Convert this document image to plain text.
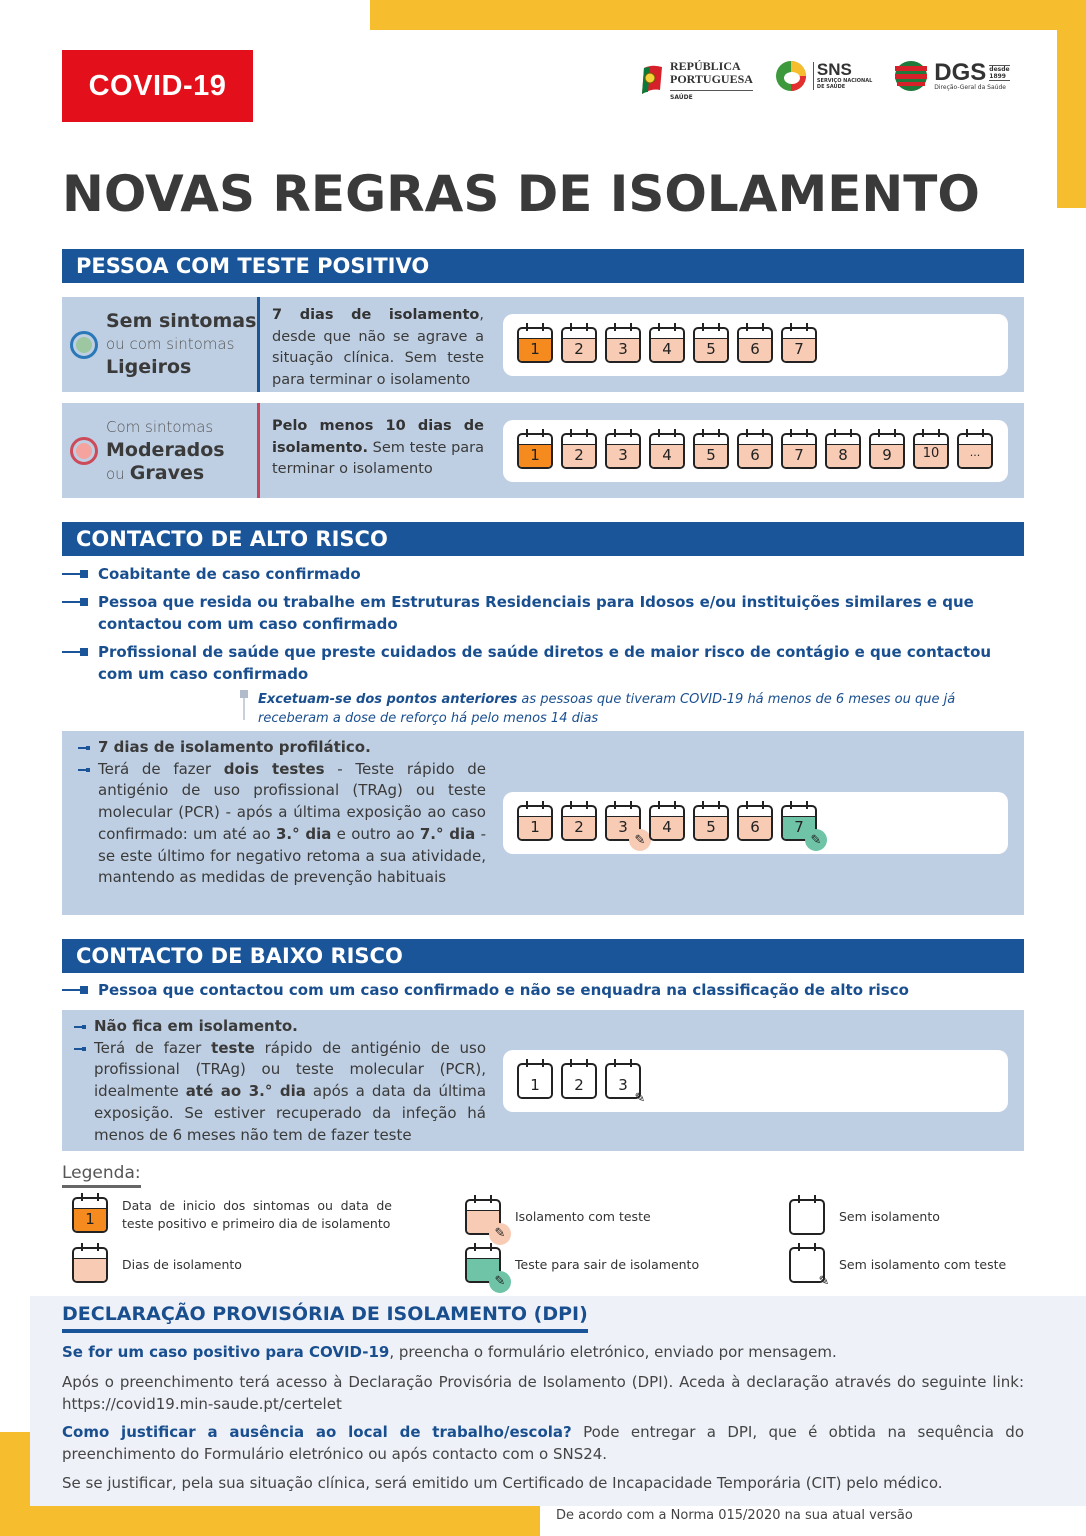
COVID-19
REPÚBLICA
PORTUGUESA
SAÚDE
SNS
SERVIÇO NACIONAL
DE SAÚDE
DGS desde
1899
Direção-Geral da Saúde
NOVAS REGRAS DE ISOLAMENTO
PESSOA COM TESTE POSITIVO
Sem sintomas
ou com sintomas
Ligeiros
7 dias de isolamento, desde que não se agrave a situação clínica. Sem teste para terminar o isolamento
1	2	3	4	5	6	7
Com sintomas
Moderados
ou Graves
Pelo menos 10 dias de isolamento. Sem teste para terminar o isolamento
1	2	3	4	5	6	7	8	9	10	...
CONTACTO DE ALTO RISCO
Coabitante de caso confirmado
Pessoa que resida ou trabalhe em Estruturas Residenciais para Idosos e/ou instituições similares e que contactou com um caso confirmado
Profissional de saúde que preste cuidados de saúde diretos e de maior risco de contágio e que contactou com um caso confirmado
Excetuam-se dos pontos anteriores as pessoas que tiveram COVID-19 há menos de 6 meses ou que já receberam a dose de reforço há pelo menos 14 dias
7 dias de isolamento profilático.
Terá de fazer dois testes - Teste rápido de antigénio de uso profissional (TRAg) ou teste molecular (PCR) - após a última exposição ao caso confirmado: um até ao 3.° dia e outro ao 7.° dia - se este último for negativo retoma a sua atividade, mantendo as medidas de prevenção habituais
1	2	3
✎
4	5	6	7
✎
CONTACTO DE BAIXO RISCO
Pessoa que contactou com um caso confirmado e não se enquadra na classificação de alto risco
Não fica em isolamento.
Terá de fazer teste rápido de antigénio de uso profissional (TRAg) ou teste molecular (PCR), idealmente até ao 3.° dia após a data da última exposição. Se estiver recuperado da infeção há menos de 6 meses não tem de fazer teste
1	2	3
✎
Legenda:
1
Data de inicio dos sintomas ou data de teste positivo e primeiro dia de isolamento
Dias de isolamento
✎
Isolamento com teste
✎
Teste para sair de isolamento
Sem isolamento
✎
Sem isolamento com teste
DECLARAÇÃO PROVISÓRIA DE ISOLAMENTO (DPI)
Se for um caso positivo para COVID-19, preencha o formulário eletrónico, enviado por mensagem.
Após o preenchimento terá acesso à Declaração Provisória de Isolamento (DPI). Aceda à declaração através do seguinte link: https://covid19.min-saude.pt/certelet
Como justificar a ausência ao local de trabalho/escola? Pode entregar a DPI, que é obtida na sequência do preenchimento do Formulário eletrónico ou após contacto com o SNS24.
Se se justificar, pela sua situação clínica, será emitido um Certificado de Incapacidade Temporária (CIT) pelo médico.
De acordo com a Norma 015/2020 na sua atual versão
